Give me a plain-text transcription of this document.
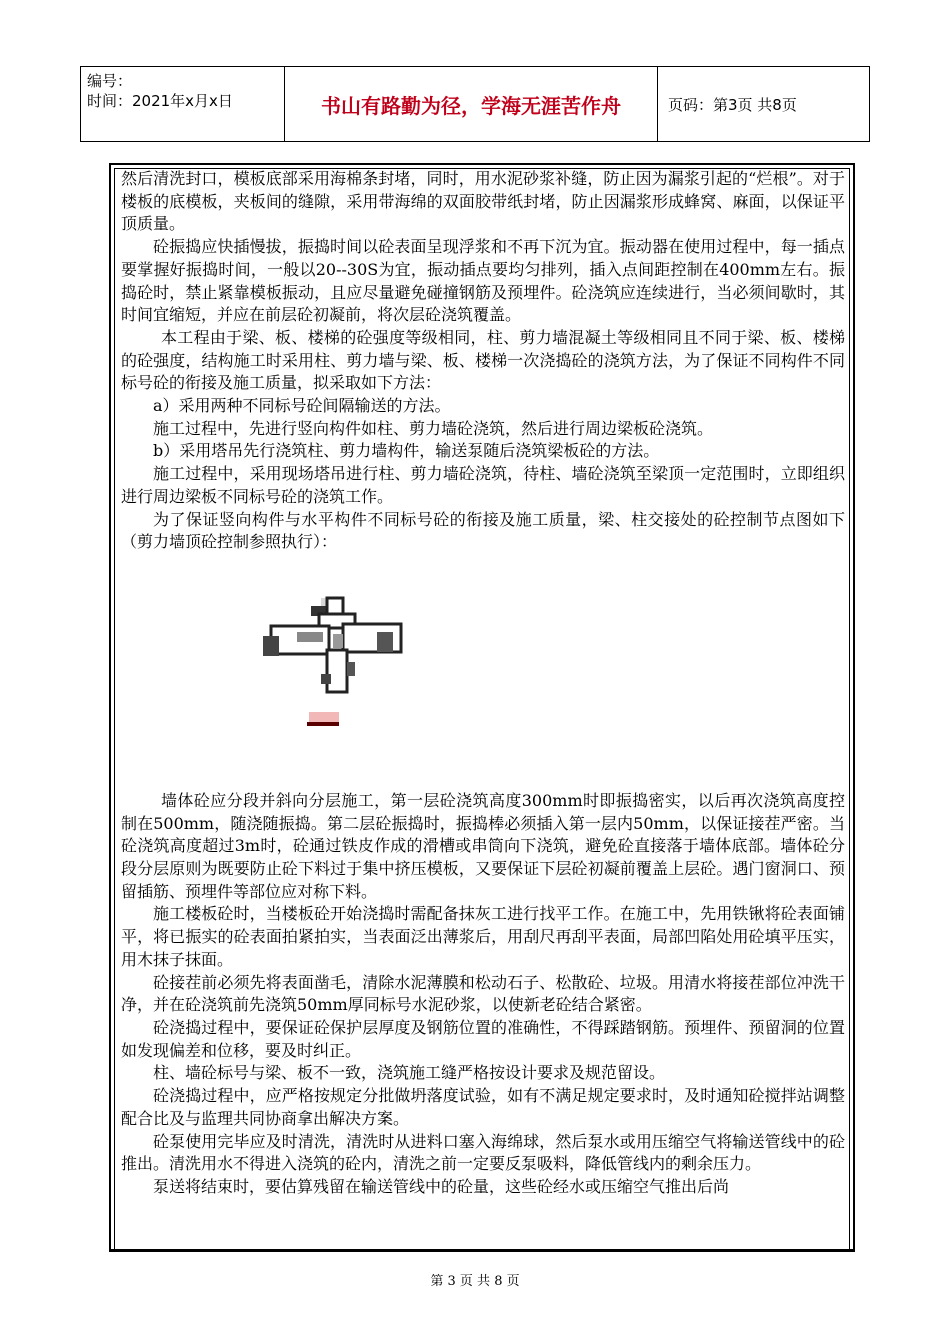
编号：
时间：2021年x月x日	书山有路勤为径，学海无涯苦作舟	页码：第3页 共8页

然后清洗封口，模板底部采用海棉条封堵，同时，用水泥砂浆补缝，防止因为漏浆引起的“烂根”。对于楼板的底模板，夹板间的缝隙，采用带海绵的双面胶带纸封堵，防止因漏浆形成蜂窝、麻面，以保证平顶质量。

砼振捣应快插慢拔，振捣时间以砼表面呈现浮浆和不再下沉为宜。振动器在使用过程中，每一插点要掌握好振捣时间，一般以20--30S为宜，振动插点要均匀排列，插入点间距控制在400mm左右。振捣砼时，禁止紧靠模板振动，且应尽量避免碰撞钢筋及预埋件。砼浇筑应连续进行，当必须间歇时，其时间宜缩短，并应在前层砼初凝前，将次层砼浇筑覆盖。

本工程由于梁、板、楼梯的砼强度等级相同，柱、剪力墙混凝土等级相同且不同于梁、板、楼梯的砼强度，结构施工时采用柱、剪力墙与梁、板、楼梯一次浇捣砼的浇筑方法，为了保证不同构件不同标号砼的衔接及施工质量，拟采取如下方法：

a）采用两种不同标号砼间隔输送的方法。

施工过程中，先进行竖向构件如柱、剪力墙砼浇筑，然后进行周边梁板砼浇筑。

b）采用塔吊先行浇筑柱、剪力墙构件，输送泵随后浇筑梁板砼的方法。

施工过程中，采用现场塔吊进行柱、剪力墙砼浇筑，待柱、墙砼浇筑至梁顶一定范围时，立即组织进行周边梁板不同标号砼的浇筑工作。

为了保证竖向构件与水平构件不同标号砼的衔接及施工质量，梁、柱交接处的砼控制节点图如下（剪力墙顶砼控制参照执行）：

墙体砼应分段并斜向分层施工，第一层砼浇筑高度300mm时即振捣密实，以后再次浇筑高度控制在500mm，随浇随振捣。第二层砼振捣时，振捣棒必须插入第一层内50mm，以保证接茬严密。当砼浇筑高度超过3m时，砼通过铁皮作成的滑槽或串筒向下浇筑，避免砼直接落于墙体底部。墙体砼分段分层原则为既要防止砼下料过于集中挤压模板，又要保证下层砼初凝前覆盖上层砼。遇门窗洞口、预留插筋、预埋件等部位应对称下料。

施工楼板砼时，当楼板砼开始浇捣时需配备抹灰工进行找平工作。在施工中，先用铁锹将砼表面铺平，将已振实的砼表面拍紧拍实，当表面泛出薄浆后，用刮尺再刮平表面，局部凹陷处用砼填平压实，用木抹子抹面。

砼接茬前必须先将表面凿毛，清除水泥薄膜和松动石子、松散砼、垃圾。用清水将接茬部位冲洗干净，并在砼浇筑前先浇筑50mm厚同标号水泥砂浆，以使新老砼结合紧密。

砼浇捣过程中，要保证砼保护层厚度及钢筋位置的准确性，不得踩踏钢筋。预埋件、预留洞的位置如发现偏差和位移，要及时纠正。

柱、墙砼标号与梁、板不一致，浇筑施工缝严格按设计要求及规范留设。

砼浇捣过程中，应严格按规定分批做坍落度试验，如有不满足规定要求时，及时通知砼搅拌站调整配合比及与监理共同协商拿出解决方案。

砼泵使用完毕应及时清洗，清洗时从进料口塞入海绵球，然后泵水或用压缩空气将输送管线中的砼推出。清洗用水不得进入浇筑的砼内，清洗之前一定要反泵吸料，降低管线内的剩余压力。

泵送将结束时，要估算残留在输送管线中的砼量，这些砼经水或压缩空气推出后尚

第 3 页 共 8 页
